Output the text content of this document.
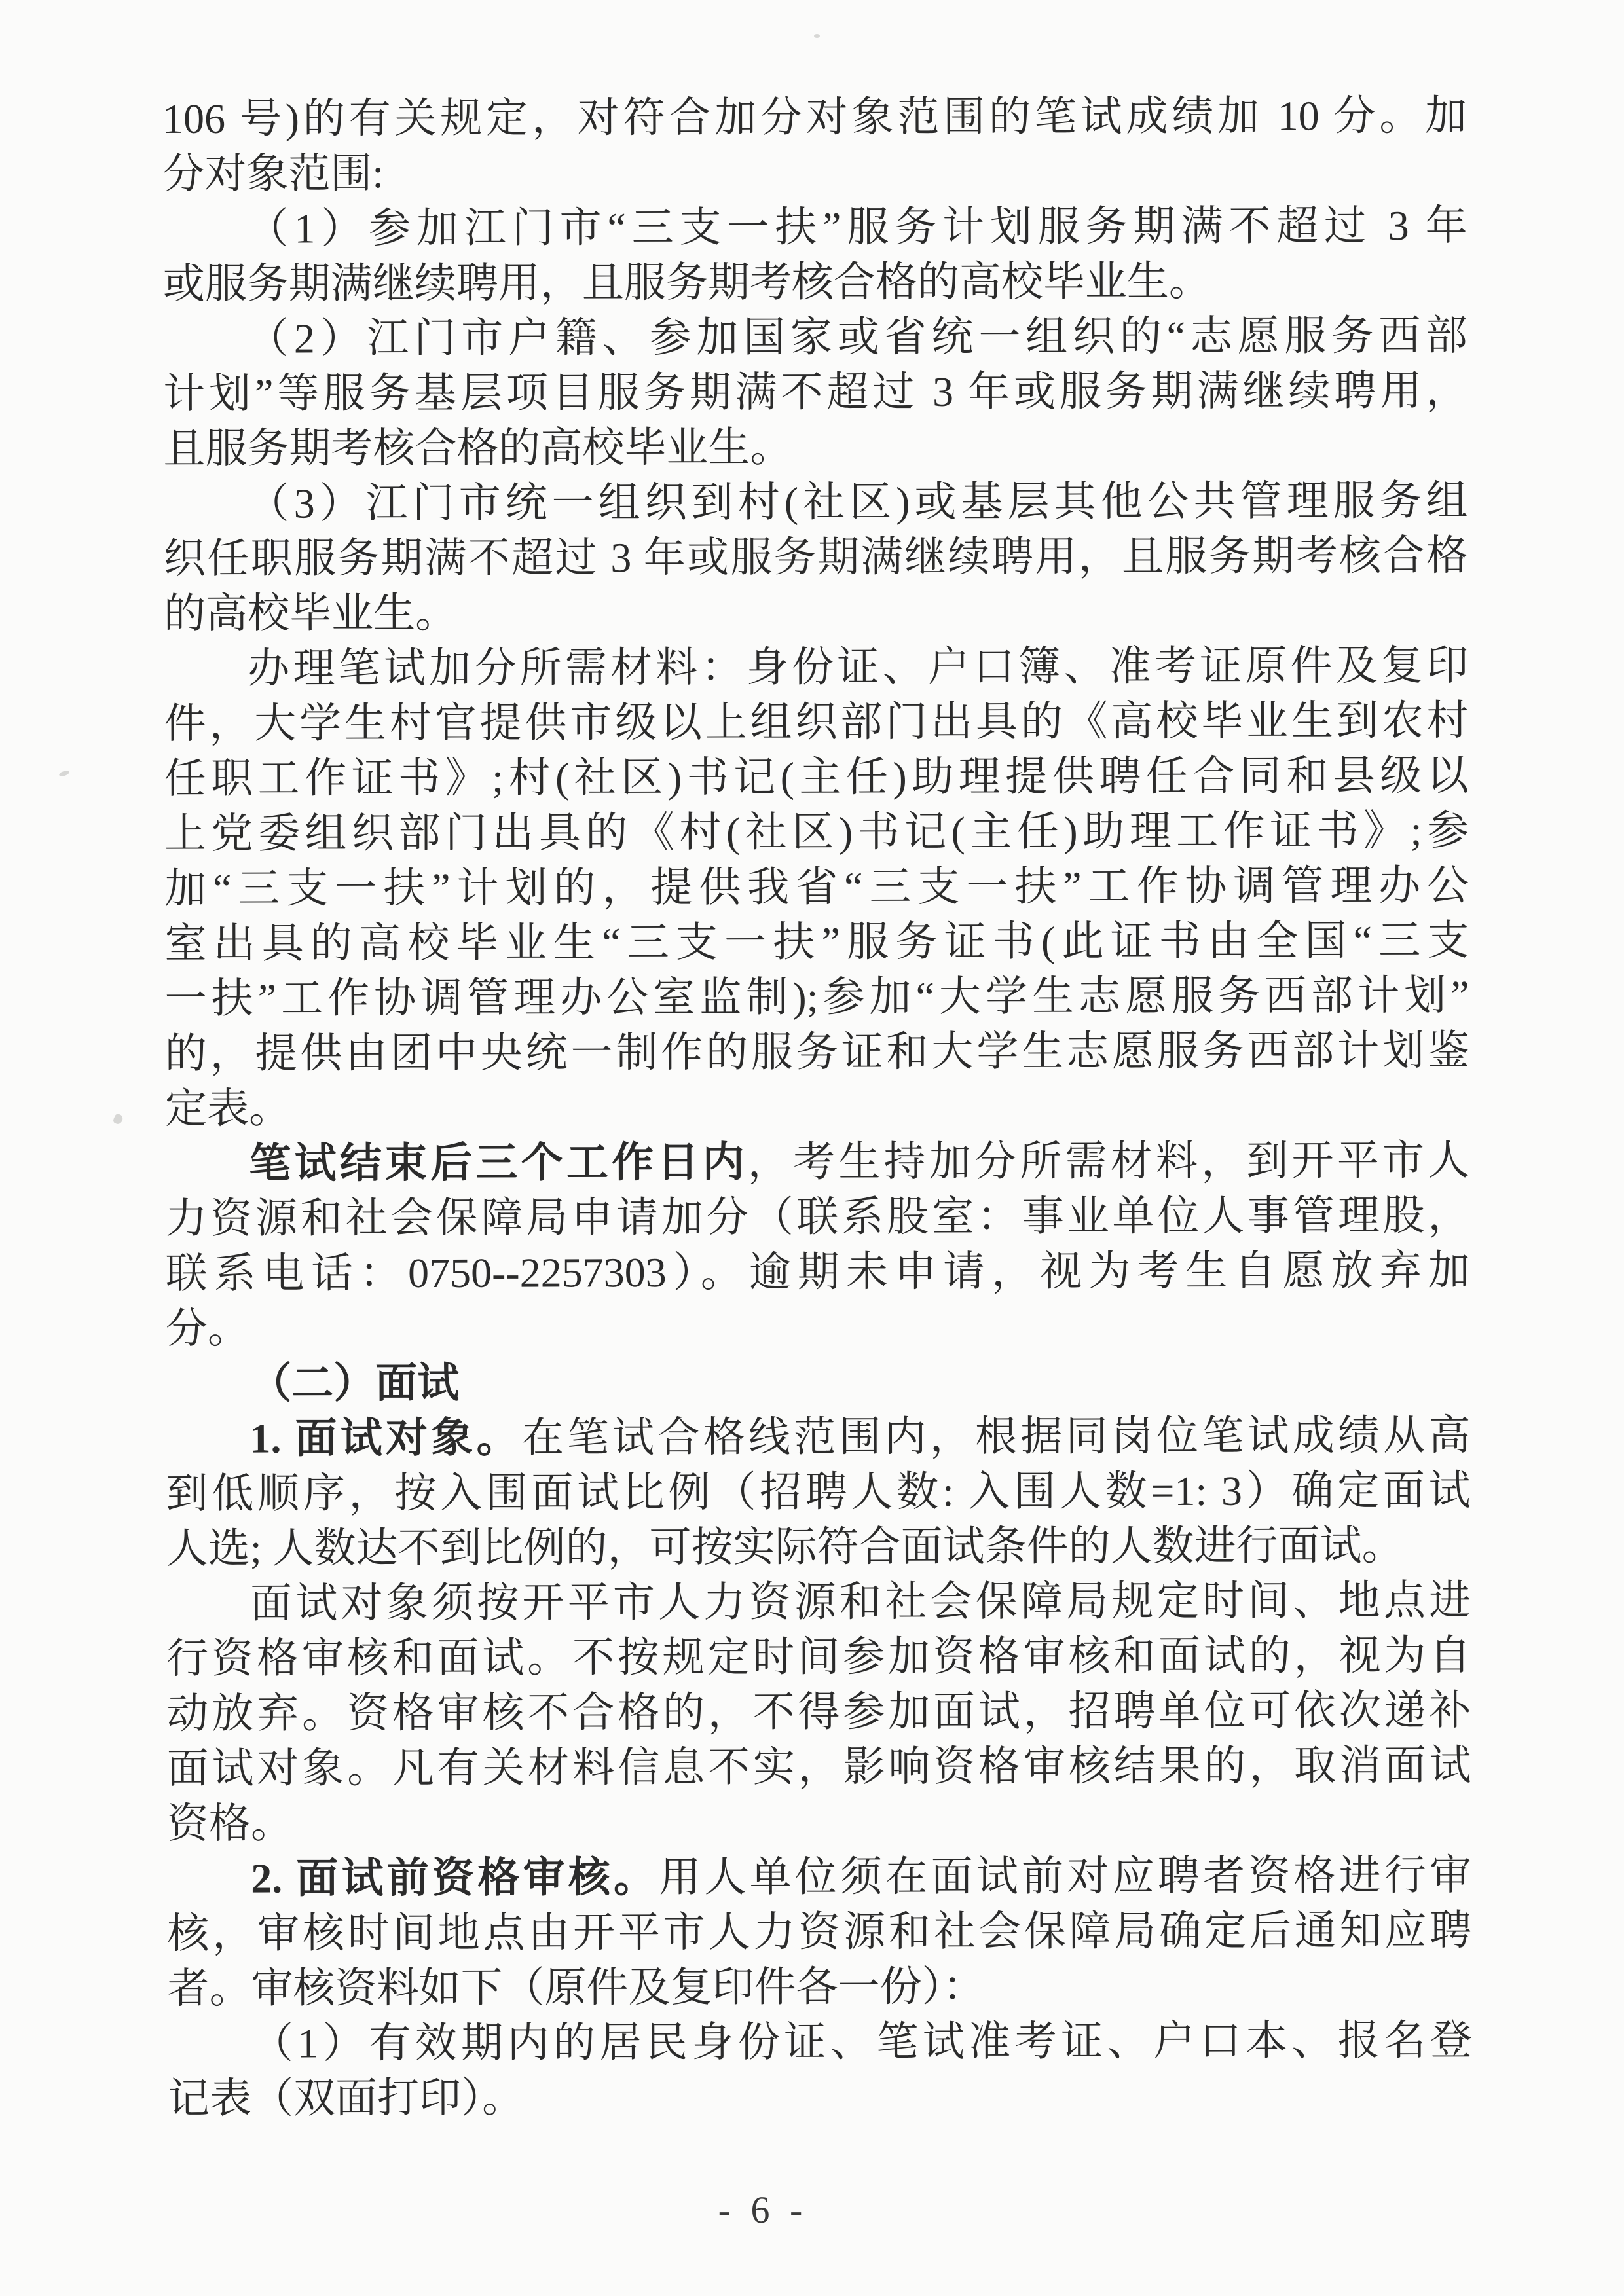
106 号)的有关规定，对符合加分对象范围的笔试成绩加 10 分。加
分对象范围:
（1）参加江门市“三支一扶”服务计划服务期满不超过 3 年
或服务期满继续聘用，且服务期考核合格的高校毕业生。
（2）江门市户籍、参加国家或省统一组织的“志愿服务西部
计划”等服务基层项目服务期满不超过 3 年或服务期满继续聘用，
且服务期考核合格的高校毕业生。
（3）江门市统一组织到村(社区)或基层其他公共管理服务组
织任职服务期满不超过 3 年或服务期满继续聘用，且服务期考核合格
的高校毕业生。
办理笔试加分所需材料：身份证、户口簿、准考证原件及复印
件，大学生村官提供市级以上组织部门出具的《高校毕业生到农村
任职工作证书》;村(社区)书记(主任)助理提供聘任合同和县级以
上党委组织部门出具的《村(社区)书记(主任)助理工作证书》;参
加“三支一扶”计划的，提供我省“三支一扶”工作协调管理办公
室出具的高校毕业生“三支一扶”服务证书(此证书由全国“三支
一扶”工作协调管理办公室监制);参加“大学生志愿服务西部计划”
的，提供由团中央统一制作的服务证和大学生志愿服务西部计划鉴
定表。
笔试结束后三个工作日内，考生持加分所需材料，到开平市人
力资源和社会保障局申请加分（联系股室：事业单位人事管理股，
联系电话：0750--2257303）。逾期未申请，视为考生自愿放弃加
分。
（二）面试
1. 面试对象。在笔试合格线范围内，根据同岗位笔试成绩从高
到低顺序，按入围面试比例（招聘人数: 入围人数=1: 3）确定面试
人选; 人数达不到比例的，可按实际符合面试条件的人数进行面试。
面试对象须按开平市人力资源和社会保障局规定时间、地点进
行资格审核和面试。不按规定时间参加资格审核和面试的，视为自
动放弃。资格审核不合格的，不得参加面试，招聘单位可依次递补
面试对象。凡有关材料信息不实，影响资格审核结果的，取消面试
资格。
2. 面试前资格审核。用人单位须在面试前对应聘者资格进行审
核，审核时间地点由开平市人力资源和社会保障局确定后通知应聘
者。审核资料如下（原件及复印件各一份）：
（1）有效期内的居民身份证、笔试准考证、户口本、报名登
记表（双面打印）。
- 6 -
